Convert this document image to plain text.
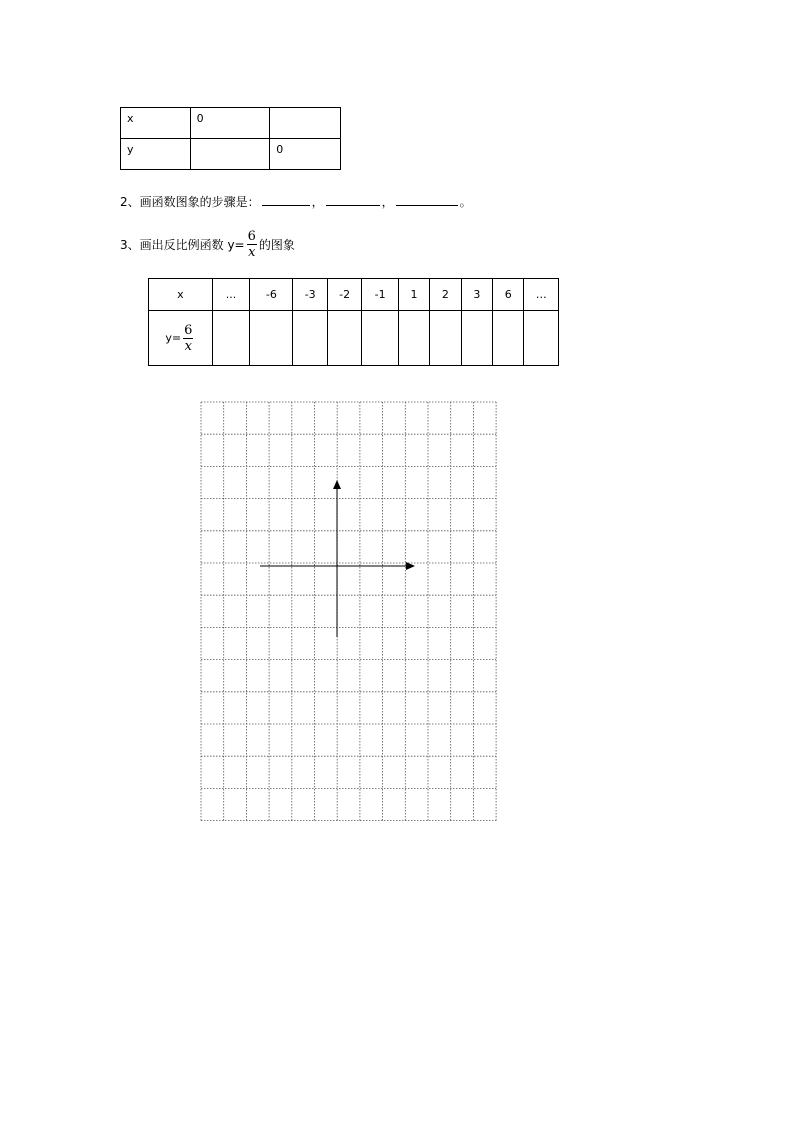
x	0	
y		0
2、画函数图象的步骤是：	，	，	。
3、画出反比例函数 $y= \frac{6}{x}$ 的图象
x	...	-6	-3	-2	-1	1	2	3	6	…
$y= \frac{6}{x}$
